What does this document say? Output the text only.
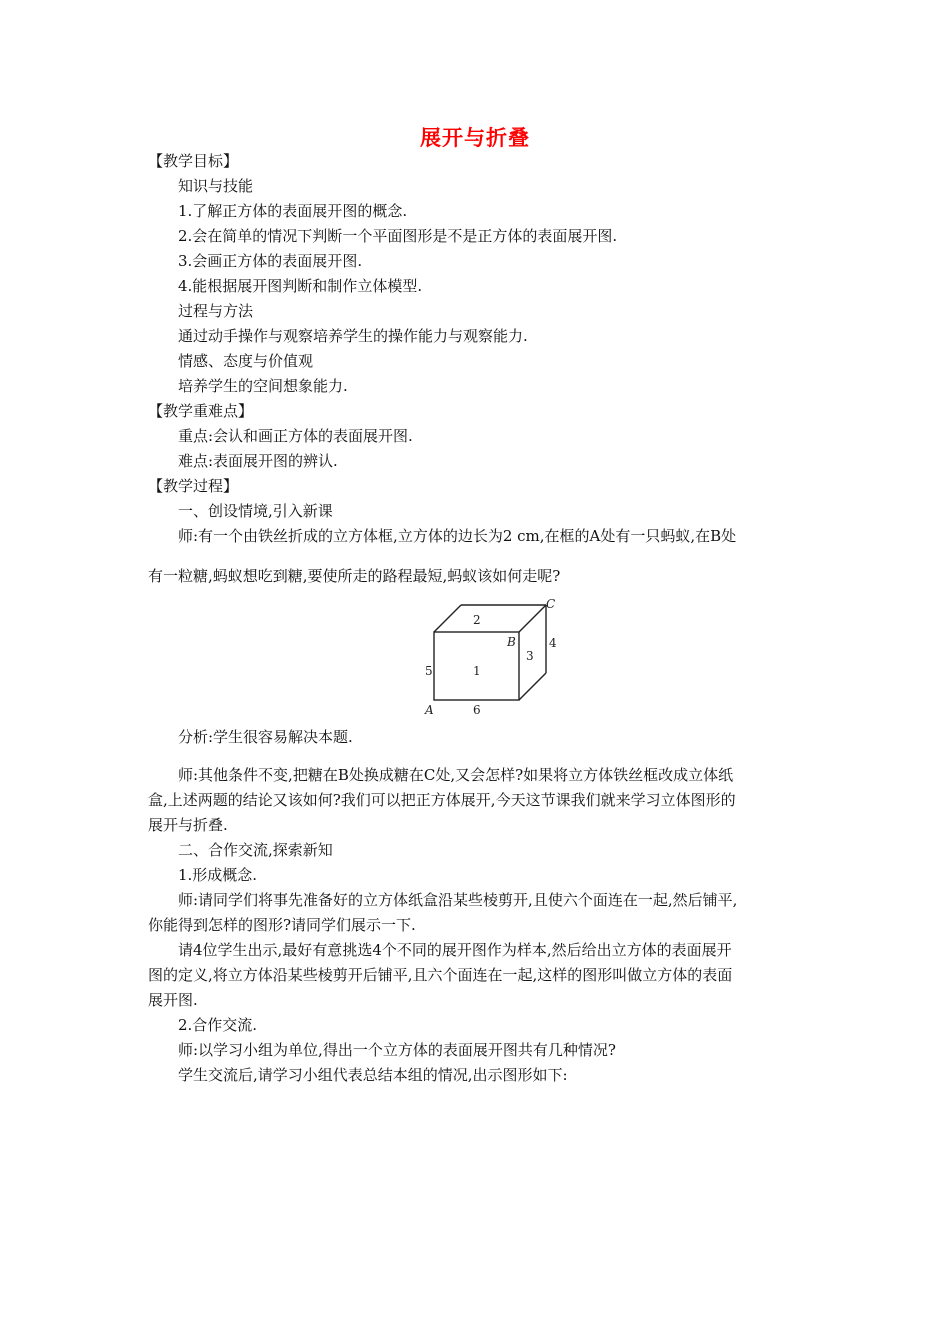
展开与折叠
【教学目标】
知识与技能
1.了解正方体的表面展开图的概念.
2.会在简单的情况下判断一个平面图形是不是正方体的表面展开图.
3.会画正方体的表面展开图.
4.能根据展开图判断和制作立体模型.
过程与方法
通过动手操作与观察培养学生的操作能力与观察能力.
情感、态度与价值观
培养学生的空间想象能力.
【教学重难点】
重点:会认和画正方体的表面展开图.
难点:表面展开图的辨认.
【教学过程】
一、创设情境,引入新课
师:有一个由铁丝折成的立方体框,立方体的边长为2 cm,在框的A处有一只蚂蚁,在B处
有一粒糖,蚂蚁想吃到糖,要使所走的路程最短,蚂蚁该如何走呢?
2
1
3
4
5
6
B
C
A
分析:学生很容易解决本题.
师:其他条件不变,把糖在B处换成糖在C处,又会怎样?如果将立方体铁丝框改成立体纸
盒,上述两题的结论又该如何?我们可以把正方体展开,今天这节课我们就来学习立体图形的
展开与折叠.
二、合作交流,探索新知
1.形成概念.
师:请同学们将事先准备好的立方体纸盒沿某些棱剪开,且使六个面连在一起,然后铺平,
你能得到怎样的图形?请同学们展示一下.
请4位学生出示,最好有意挑选4个不同的展开图作为样本,然后给出立方体的表面展开
图的定义,将立方体沿某些棱剪开后铺平,且六个面连在一起,这样的图形叫做立方体的表面
展开图.
2.合作交流.
师:以学习小组为单位,得出一个立方体的表面展开图共有几种情况?
学生交流后,请学习小组代表总结本组的情况,出示图形如下:
